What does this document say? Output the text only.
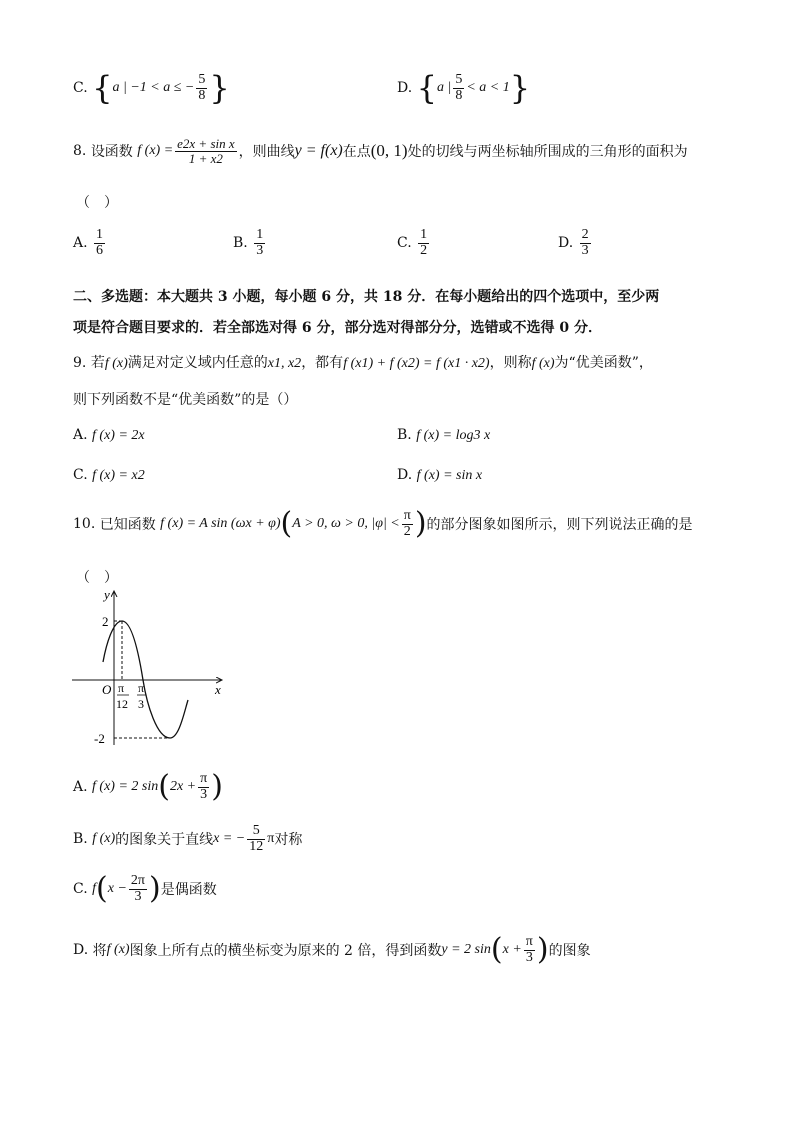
C. {a | −1 < a ≤ − $\frac{5}{8}$ }	D. {a | $\frac{5}{8} < a < 1$}
8. 设函数 f $(x) = \frac{\text{e2x + sin x}}{1 + x2}$ ，则曲线y = f(x)在点(0, 1)处的切线与两坐标轴所围成的三角形的面积为
（　）
A. $\frac{1}{6}$	B. $\frac{1}{3}$	C. $\frac{1}{2}$	D. $\frac{2}{3}$
二、多选题：本大题共 3 小题，每小题 6 分，共 18 分．在每小题给出的四个选项中，至少两
项是符合题目要求的．若全部选对得 6 分，部分选对得部分分，选错或不选得 0 分．
9. 若f (x)满足对定义域内任意的x1, x2，都有f (x1) + f (x2) = f (x1 · x2)，则称f (x)为“优美函数”，
则下列函数不是“优美函数”的是（）
A. f (x) = 2x	B. f (x) = log3 x
C. f (x) = x2	D. f (x) = sin x
10. 已知函数 f (x) = A sin (ωx + φ)(A > 0, ω > 0, $|\varphi| < \frac{\pi}{2}$ )的部分图象如图所示，则下列说法正确的是
（　）
y
x
O
2
-2
π
12
π
3
A. f (x) = 2 $\sin(2x + \frac{\pi}{3}$ )
B. f (x)的图象关于直线x = − $\frac{5}{12}$ π对称
C. $f(x - \frac{2\pi}{3}$ )是偶函数
D. 将f (x)图象上所有点的横坐标变为原来的 2 倍，得到函数y = 2 $\sin(x + \frac{\pi}{3}$ )的图象
